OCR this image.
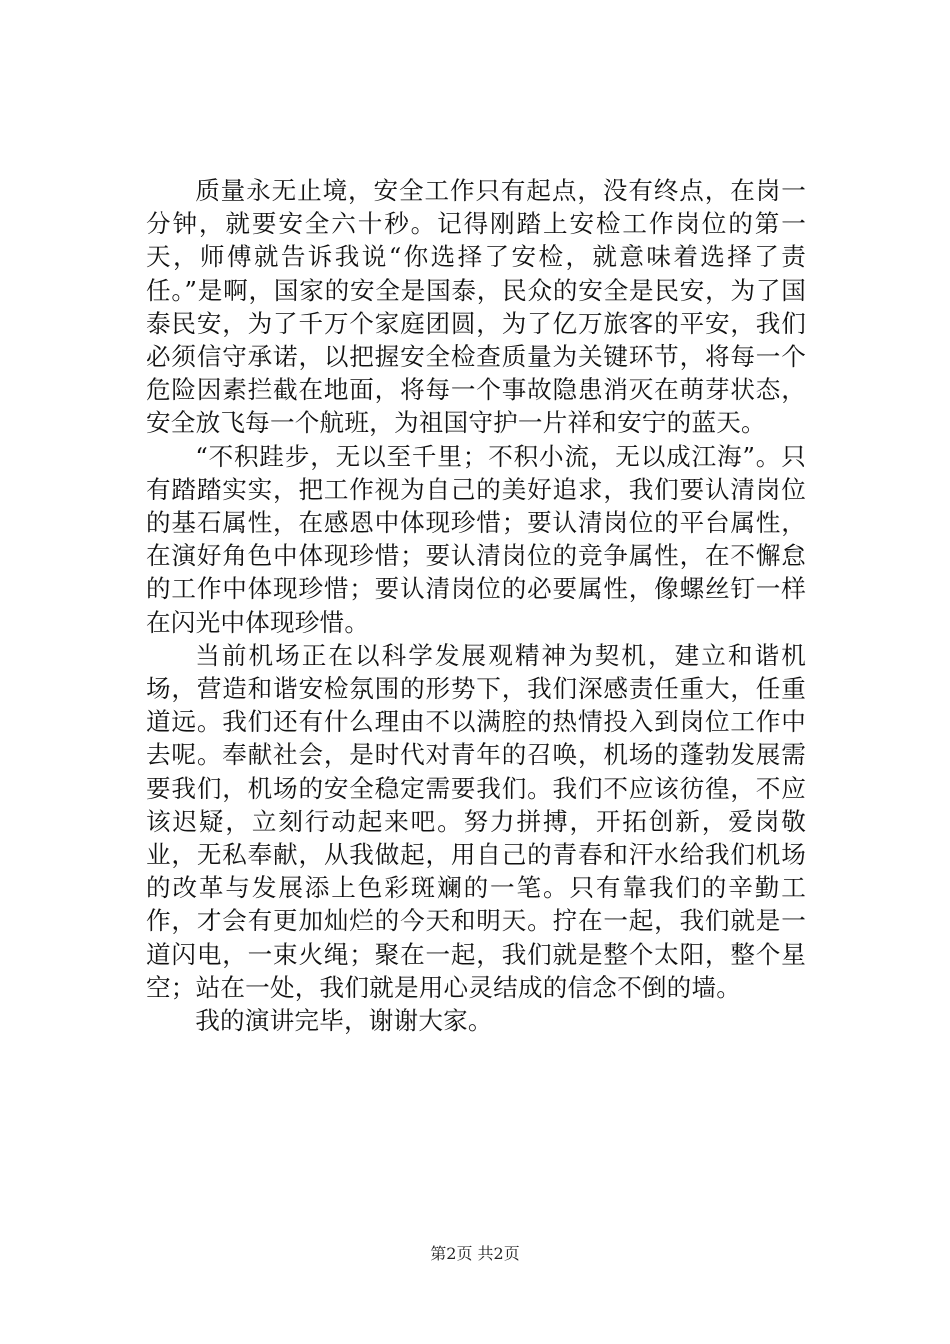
质量永无止境，安全工作只有起点，没有终点，在岗一分钟，就要安全六十秒。记得刚踏上安检工作岗位的第一天，师傅就告诉我说“你选择了安检，就意味着选择了责任。”是啊，国家的安全是国泰，民众的安全是民安，为了国泰民安，为了千万个家庭团圆，为了亿万旅客的平安，我们必须信守承诺，以把握安全检查质量为关键环节，将每一个危险因素拦截在地面，将每一个事故隐患消灭在萌芽状态，安全放飞每一个航班，为祖国守护一片祥和安宁的蓝天。

“不积跬步，无以至千里；不积小流，无以成江海”。只有踏踏实实，把工作视为自己的美好追求，我们要认清岗位的基石属性，在感恩中体现珍惜；要认清岗位的平台属性，在演好角色中体现珍惜；要认清岗位的竞争属性，在不懈怠的工作中体现珍惜；要认清岗位的必要属性，像螺丝钉一样在闪光中体现珍惜。

当前机场正在以科学发展观精神为契机，建立和谐机场，营造和谐安检氛围的形势下，我们深感责任重大，任重道远。我们还有什么理由不以满腔的热情投入到岗位工作中去呢。奉献社会，是时代对青年的召唤，机场的蓬勃发展需要我们，机场的安全稳定需要我们。我们不应该彷徨，不应该迟疑，立刻行动起来吧。努力拼搏，开拓创新，爱岗敬业，无私奉献，从我做起，用自己的青春和汗水给我们机场的改革与发展添上色彩斑斓的一笔。只有靠我们的辛勤工作，才会有更加灿烂的今天和明天。拧在一起，我们就是一道闪电，一束火绳；聚在一起，我们就是整个太阳，整个星空；站在一处，我们就是用心灵结成的信念不倒的墙。

我的演讲完毕，谢谢大家。

第2页 共2页
